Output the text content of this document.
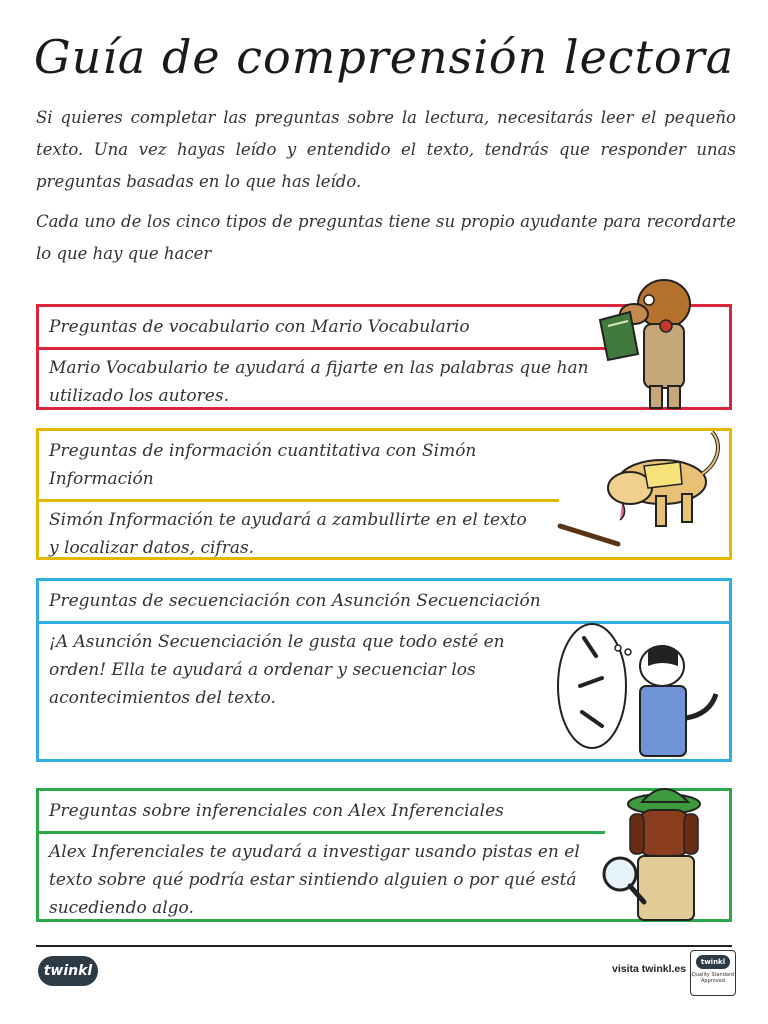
Guía de comprensión lectora
Si quieres completar las preguntas sobre la lectura, necesitarás leer el pequeño texto. Una vez hayas leído y entendido el texto, tendrás que responder unas preguntas basadas en lo que has leído.
Cada uno de los cinco tipos de preguntas tiene su propio ayudante para recordarte lo que hay que hacer
Preguntas de vocabulario con Mario Vocabulario
Mario Vocabulario te ayudará a fijarte en las palabras que han utilizado los autores.
Preguntas de información cuantitativa con Simón Información
Simón Información te ayudará a zambullirte en el texto y localizar datos, cifras.
Preguntas de secuenciación con Asunción Secuenciación
¡A Asunción Secuenciación le gusta que todo esté en orden! Ella te ayudará a ordenar y secuenciar los acontecimientos del texto.
Preguntas sobre inferenciales con Alex Inferenciales
Alex Inferenciales te ayudará a investigar usando pistas en el texto sobre qué podría estar sintiendo alguien o por qué está sucediendo algo.
twinkl	visita twinkl.es
twinkl
Quality Standard Approved
